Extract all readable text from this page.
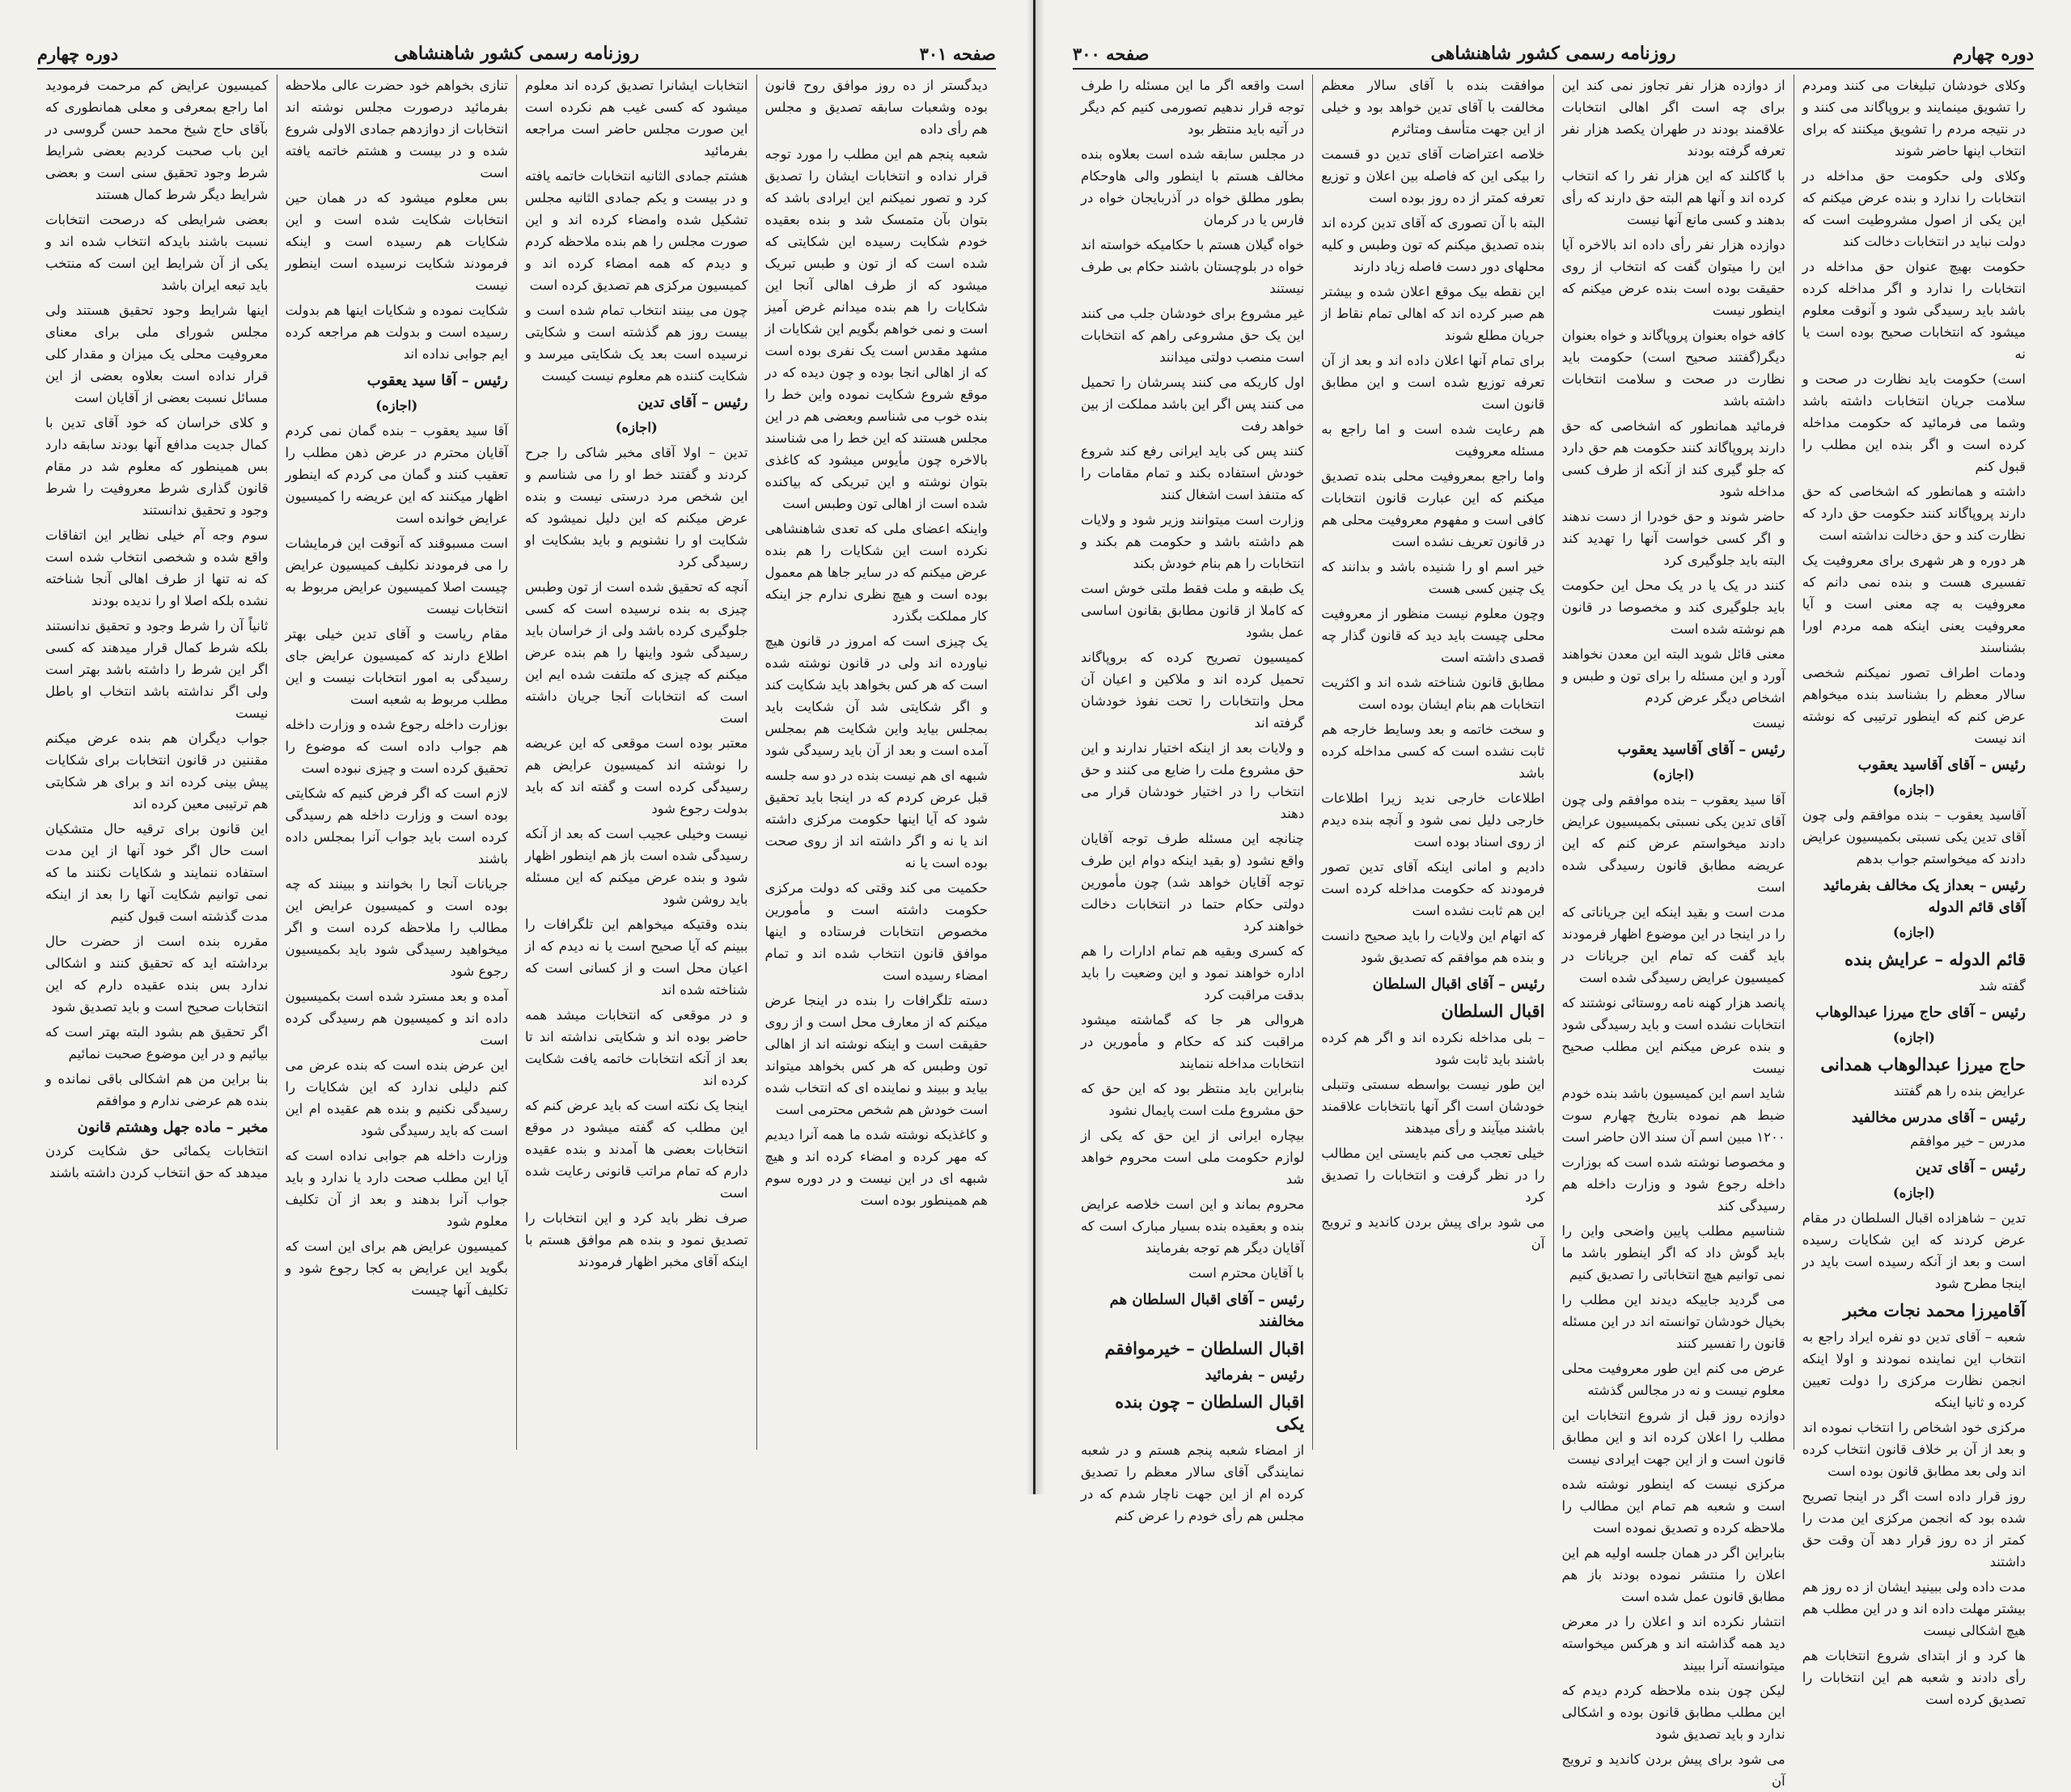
صفحه ۳۰۱
روزنامه رسمی کشور شاهنشاهی
دوره چهارم

دیدگستر از ده روز موافق روح قانون بوده وشعبات سابقه تصدیق و مجلس هم رأی داده

شعبه پنجم هم این مطلب را مورد توجه قرار نداده و انتخابات ایشان را تصدیق کرد و تصور نمیکنم این ایرادی باشد که بتوان بآن متمسک شد و بنده بعقیده خودم شکایت رسیده این شکایتی که شده است که از تون و طبس تبریک میشود که از طرف اهالی آنجا این شکایات را هم بنده میدانم غرض آمیز است و نمی خواهم بگویم این شکایات از مشهد مقدس است یک نفری بوده است که از اهالی انجا بوده و چون دیده که در موقع شروع شکایت نموده واین خط را بنده خوب می شناسم وبعضی هم در این مجلس هستند که این خط را می شناسند بالاخره چون مأیوس میشود که کاغذی بتوان نوشته و این تبریکی که بیاکنده شده است از اهالی تون وطبس است

واینکه اعضای ملی که تعدی شاهنشاهی نکرده است این شکایات را هم بنده عرض میکنم که در سایر جاها هم معمول بوده است و هیچ نظری ندارم جز اینکه کار مملکت بگذرد

یک چیزی است که امروز در قانون هیچ نیاورده اند ولی در قانون نوشته شده است که هر کس بخواهد باید شکایت کند و اگر شکایتی شد آن شکایت باید بمجلس بیاید واین شکایت هم بمجلس آمده است و بعد از آن باید رسیدگی شود

شبهه ای هم نیست بنده در دو سه جلسه قبل عرض کردم که در اینجا باید تحقیق شود که آیا اینها حکومت مرکزی داشته اند یا نه و اگر داشته اند از روی صحت بوده است یا نه

حکمیت می کند وقتی که دولت مرکزی حکومت داشته است و مأمورین مخصوص انتخابات فرستاده و اینها موافق قانون انتخاب شده اند و تمام امضاء رسیده است

دسته تلگرافات را بنده در اینجا عرض میکنم که از معارف محل است و از روی حقیقت است و اینکه نوشته اند از اهالی تون وطبس که هر کس بخواهد میتواند بیاید و ببیند و نماینده ای که انتخاب شده است خودش هم شخص محترمی است

و کاغذیکه نوشته شده ما همه آنرا دیدیم که مهر کرده و امضاء کرده اند و هیچ شبهه ای در این نیست و در دوره سوم هم همینطور بوده است

انتخابات ایشانرا تصدیق کرده اند معلوم میشود که کسی غیب هم نکرده است این صورت مجلس حاضر است مراجعه بفرمائید

هشتم جمادی الثانیه انتخابات خاتمه یافته و در بیست و یکم جمادی الثانیه مجلس تشکیل شده وامضاء کرده اند و این صورت مجلس را هم بنده ملاحظه کردم و دیدم که همه امضاء کرده اند و کمیسیون مرکزی هم تصدیق کرده است

چون می بینند انتخاب تمام شده است و بیست روز هم گذشته است و شکایتی نرسیده است بعد یک شکایتی میرسد و شکایت کننده هم معلوم نیست کیست

رئیس – آقای تدین

(اجازه)

تدین – اولا آقای مخبر شاکی را جرح کردند و گفتند خط او را می شناسم و این شخص مرد درستی نیست و بنده عرض میکنم که این دلیل نمیشود که شکایت او را نشنویم و باید بشکایت او رسیدگی کرد

آنچه که تحقیق شده است از تون وطبس چیزی به بنده نرسیده است که کسی جلوگیری کرده باشد ولی از خراسان باید رسیدگی شود واینها را هم بنده عرض میکنم که چیزی که ملتفت شده ایم این است که انتخابات آنجا جریان داشته است

معتبر بوده است موقعی که این عریضه را نوشته اند کمیسیون عرایض هم رسیدگی کرده است و گفته اند که باید بدولت رجوع شود

نیست وخیلی عجیب است که بعد از آنکه رسیدگی شده است باز هم اینطور اظهار شود و بنده عرض میکنم که این مسئله باید روشن شود

بنده وقتیکه میخواهم این تلگرافات را ببینم که آیا صحیح است یا نه دیدم که از اعیان محل است و از کسانی است که شناخته شده اند

و در موقعی که انتخابات میشد همه حاضر بوده اند و شکایتی نداشته اند تا بعد از آنکه انتخابات خاتمه یافت شکایت کرده اند

اینجا یک نکته است که باید عرض کنم که این مطلب که گفته میشود در موقع انتخابات بعضی ها آمدند و بنده عقیده دارم که تمام مراتب قانونی رعایت شده است

صرف نظر باید کرد و این انتخابات را تصدیق نمود و بنده هم موافق هستم با اینکه آقای مخبر اظهار فرمودند

تنازی بخواهم خود حضرت عالی ملاحظه بفرمائید درصورت مجلس نوشته اند انتخابات از دوازدهم جمادی الاولی شروع شده و در بیست و هشتم خاتمه یافته است

بس معلوم میشود که در همان حین انتخابات شکایت شده است و این شکایات هم رسیده است و اینکه فرمودند شکایت نرسیده است اینطور نیست

شکایت نموده و شکایات اینها هم بدولت رسیده است و بدولت هم مراجعه کرده ایم جوابی نداده اند

رئیس – آقا سید یعقوب

(اجازه)

آقا سید یعقوب – بنده گمان نمی کردم آقایان محترم در عرض ذهن مطلب را تعقیب کنند و گمان می کردم که اینطور اظهار میکنند که این عریضه را کمیسیون عرایض خوانده است

است مسبوقند که آنوقت این فرمایشات را می فرمودند نکلیف کمیسیون عرایض چیست اصلا کمیسیون عرایض مربوط به انتخابات نیست

مقام ریاست و آقای تدین خیلی بهتر اطلاع دارند که کمیسیون عرایض جای رسیدگی به امور انتخابات نیست و این مطلب مربوط به شعبه است

بوزارت داخله رجوع شده و وزارت داخله هم جواب داده است که موضوع را تحقیق کرده است و چیزی نبوده است

لازم است که اگر فرض کنیم که شکایتی بوده است و وزارت داخله هم رسیدگی کرده است باید جواب آنرا بمجلس داده باشند

جریانات آنجا را بخوانند و ببینند که چه بوده است و کمیسیون عرایض این مطالب را ملاحظه کرده است و اگر میخواهید رسیدگی شود باید بکمیسیون رجوع شود

آمده و بعد مسترد شده است بکمیسیون داده اند و کمیسیون هم رسیدگی کرده است

این عرض بنده است که بنده عرض می کنم دلیلی ندارد که این شکایات را رسیدگی نکنیم و بنده هم عقیده ام این است که باید رسیدگی شود

وزارت داخله هم جوابی نداده است که آیا این مطلب صحت دارد یا ندارد و باید جواب آنرا بدهند و بعد از آن تکلیف معلوم شود

کمیسیون عرایض هم برای این است که بگوید این عرایض به کجا رجوع شود و تکلیف آنها چیست

کمیسیون عرایض کم مرحمت فرمودید اما راجع بمعرفی و معلی همانطوری که بآقای حاج شیخ محمد حسن گروسی در این باب صحبت کردیم بعضی شرایط شرط وجود تحقیق سنی است و بعضی شرایط دیگر شرط کمال هستند

بعضی شرایطی که درصحت انتخابات نسبت باشند بایدکه انتخاب شده اند و یکی از آن شرایط این است که منتخب باید تبعه ایران باشد

اینها شرایط وجود تحقیق هستند ولی مجلس شورای ملی برای معنای معروفیت محلی یک میزان و مقدار کلی قرار نداده است بعلاوه بعضی از این مسائل نسبت بعضی از آقایان است

و کلای خراسان که خود آقای تدین با کمال جدیت مدافع آنها بودند سابقه دارد بس همینطور که معلوم شد در مقام قانون گذاری شرط معروفیت را شرط وجود و تحقیق ندانستند

سوم وجه آم خیلی نظایر این اتفاقات واقع شده و شخصی انتخاب شده است که نه تنها از طرف اهالی آنجا شناخته نشده بلکه اصلا او را ندیده بودند

ثانیاً آن را شرط وجود و تحقیق ندانستند بلکه شرط کمال قرار میدهند که کسی اگر این شرط را داشته باشد بهتر است ولی اگر نداشته باشد انتخاب او باطل نیست

جواب دیگران هم بنده عرض میکنم مقننین در قانون انتخابات برای شکایات پیش بینی کرده اند و برای هر شکایتی هم ترتیبی معین کرده اند

این قانون برای ترقیه حال متشکیان است حال اگر خود آنها از این مدت استفاده ننمایند و شکایات نکنند ما که نمی توانیم شکایت آنها را بعد از اینکه مدت گذشته است قبول کنیم

مقرره بنده است از حضرت حال برداشته اید که تحقیق کنند و اشکالی ندارد بس بنده عقیده دارم که این انتخابات صحیح است و باید تصدیق شود

اگر تحقیق هم بشود البته بهتر است که بیائیم و در این موضوع صحبت نمائیم

بنا براین من هم اشکالی باقی نمانده و بنده هم عرضی ندارم و موافقم

مخبر – ماده جهل وهشتم قانون

انتخابات یکمائی حق شکایت کردن میدهد که حق انتخاب کردن داشته باشند

دوره چهارم
روزنامه رسمی کشور شاهنشاهی
صفحه ۳۰۰

وکلای خودشان تبلیغات می کنند ومردم را تشویق مینمایند و بروپاگاند می کنند و در نتیجه مردم را تشویق میکنند که برای انتخاب اینها حاضر شوند

وکلای ولی حکومت حق مداخله در انتخابات را ندارد و بنده عرض میکنم که این یکی از اصول مشروطیت است که دولت نباید در انتخابات دخالت کند

حکومت بهیچ عنوان حق مداخله در انتخابات را ندارد و اگر مداخله کرده باشد باید رسیدگی شود و آنوقت معلوم میشود که انتخابات صحیح بوده است یا نه

است) حکومت باید نظارت در صحت و سلامت جریان انتخابات داشته باشد وشما می فرمائید که حکومت مداخله کرده است و اگر بنده این مطلب را قبول کنم

داشته و همانطور که اشخاصی که حق دارند پروپاگاند کنند حکومت حق دارد که نظارت کند و حق دخالت نداشته است

هر دوره و هر شهری برای معروفیت یک تفسیری هست و بنده نمی دانم که معروفیت به چه معنی است و آیا معروفیت یعنی اینکه همه مردم اورا بشناسند

ودمات اطراف تصور نمیکنم شخصی سالار معظم را بشناسد بنده میخواهم عرض کنم که اینطور ترتیبی که نوشته اند نیست

رئیس – آقای آقاسید یعقوب

(اجازه)

آقاسید یعقوب – بنده موافقم ولی چون آقای تدین یکی نسبتی بکمیسیون عرایض دادند که میخواستم جواب بدهم

رئیس – بعداز یک مخالف بفرمائید آقای قائم الدوله

(اجازه)

قائم الدوله – عرایش بنده

گفته شد

رئیس – آقای حاج میرزا عبدالوهاب

(اجازه)

حاج میرزا عبدالوهاب همدانی

عرایض بنده را هم گفتند

رئیس – آقای مدرس مخالفید

مدرس – خیر موافقم

رئیس – آقای تدین

(اجازه)

تدین – شاهزاده اقبال السلطان در مقام عرض کردند که این شکایات رسیده است و بعد از آنکه رسیده است باید در اینجا مطرح شود

آقامیرزا محمد نجات مخبر

شعبه – آقای تدین دو نفره ایراد راجع به انتخاب این نماینده نمودند و اولا اینکه انجمن نظارت مرکزی را دولت تعیین کرده و ثانیا اینکه

مرکزی خود اشخاص را انتخاب نموده اند و بعد از آن بر خلاف قانون انتخاب کرده اند ولی بعد مطابق قانون بوده است

روز قرار داده است اگر در اینجا تصریح شده بود که انجمن مرکزی این مدت را کمتر از ده روز قرار دهد آن وقت حق داشتند

مدت داده ولی ببینید ایشان از ده روز هم بیشتر مهلت داده اند و در این مطلب هم هیچ اشکالی نیست

ها کرد و از ابتدای شروع انتخابات هم رأی دادند و شعبه هم این انتخابات را تصدیق کرده است

از دوازده هزار نفر تجاوز نمی کند این برای چه است اگر اهالی انتخابات علاقمند بودند در طهران یکصد هزار نفر تعرفه گرفته بودند

با گاکلند که این هزار نفر را که انتخاب کرده اند و آنها هم البته حق دارند که رأی بدهند و کسی مانع آنها نیست

دوازده هزار نفر رأی داده اند بالاخره آیا این را میتوان گفت که انتخاب از روی حقیقت بوده است بنده عرض میکنم که اینطور نیست

کافه خواه بعنوان پروپاگاند و خواه بعنوان دیگر(گفتند صحیح است) حکومت باید نظارت در صحت و سلامت انتخابات داشته باشد

فرمائید همانطور که اشخاصی که حق دارند پروپاگاند کنند حکومت هم حق دارد که جلو گیری کند از آنکه از طرف کسی مداخله شود

حاضر شوند و حق خودرا از دست ندهند و اگر کسی خواست آنها را تهدید کند البته باید جلوگیری کرد

کنند در یک یا در یک محل این حکومت باید جلوگیری کند و مخصوصا در قانون هم نوشته شده است

معنی قائل شوید البته این معدن نخواهند آورد و این مسئله را برای تون و طبس و اشخاص دیگر عرض کردم

نیست

رئیس – آقای آقاسید یعقوب

(اجازه)

آقا سید یعقوب – بنده موافقم ولی چون آقای تدین یکی نسبتی بکمیسیون عرایض دادند میخواستم عرض کنم که این عریضه مطابق قانون رسیدگی شده است

مدت است و بقید اینکه این جریاناتی که را در اینجا در این موضوع اظهار فرمودند باید گفت که تمام این جریانات در کمیسیون عرایض رسیدگی شده است

پانصد هزار کهنه نامه روستائی نوشتند که انتخابات نشده است و باید رسیدگی شود و بنده عرض میکنم این مطلب صحیح نیست

شاید اسم این کمیسیون باشد بنده خودم ضبط هم نموده بتاریخ چهارم سوت ۱۲۰۰ مبین اسم آن سند الان حاضر است

و مخصوصا نوشته شده است که بوزارت داخله رجوع شود و وزارت داخله هم رسیدگی کند

شناسیم مطلب پایین واضحی واین را باید گوش داد که اگر اینطور باشد ما نمی توانیم هیچ انتخاباتی را تصدیق کنیم

می گردید جاییکه دیدند این مطلب را بخیال خودشان توانسته اند در این مسئله قانون را تفسیر کنند

عرض می کنم این طور معروفیت محلی معلوم نیست و نه در مجالس گذشته

دوازده روز قبل از شروع انتخابات این مطلب را اعلان کرده اند و این مطابق قانون است و از این جهت ایرادی نیست

مرکزی نیست که اینطور نوشته شده است و شعبه هم تمام این مطالب را ملاحظه کرده و تصدیق نموده است

بنابراین اگر در همان جلسه اولیه هم این اعلان را منتشر نموده بودند باز هم مطابق قانون عمل شده است

انتشار نکرده اند و اعلان را در معرض دید همه گذاشته اند و هرکس میخواسته میتوانسته آنرا ببیند

لیکن چون بنده ملاحظه کردم دیدم که این مطلب مطابق قانون بوده و اشکالی ندارد و باید تصدیق شود

می شود برای پیش بردن کاندید و ترویج آن

موافقت بنده با آقای سالار معظم مخالفت با آقای تدین خواهد بود و خیلی از این جهت متأسف ومتاثرم

خلاصه اعتراضات آقای تدین دو قسمت را بیکی این که فاصله بین اعلان و توزیع تعرفه کمتر از ده روز بوده است

البته با آن تصوری که آقای تدین کرده اند بنده تصدیق میکنم که تون وطبس و کلیه محلهای دور دست فاصله زیاد دارند

این نقطه بیک موقع اعلان شده و بیشتر هم صبر کرده اند که اهالی تمام نقاط از جریان مطلع شوند

برای تمام آنها اعلان داده اند و بعد از آن تعرفه توزیع شده است و این مطابق قانون است

هم رعایت شده است و اما راجع به مسئله معروفیت

واما راجع بمعروفیت محلی بنده تصدیق میکنم که این عبارت قانون انتخابات کافی است و مفهوم معروفیت محلی هم در قانون تعریف نشده است

خیر اسم او را شنیده باشد و بدانند که یک چنین کسی هست

وچون معلوم نیست منظور از معروفیت محلی چیست باید دید که قانون گذار چه قصدی داشته است

مطابق قانون شناخته شده اند و اکثریت انتخابات هم بنام ایشان بوده است

و سخت خاتمه و بعد وسایط خارجه هم ثابت نشده است که کسی مداخله کرده باشد

اطلاعات خارجی ندید زیرا اطلاعات خارجی دلیل نمی شود و آنچه بنده دیدم از روی اسناد بوده است

دادیم و امانی اینکه آقای تدین تصور فرمودند که حکومت مداخله کرده است این هم ثابت نشده است

که اتهام این ولایات را باید صحیح دانست و بنده هم موافقم که تصدیق شود

رئیس – آقای اقبال السلطان

اقبال السلطان

– بلی مداخله نکرده اند و اگر هم کرده باشند باید ثابت شود

این طور نیست بواسطه سستی وتنبلی خودشان است اگر آنها بانتخابات علاقمند باشند میآیند و رأی میدهند

خیلی تعجب می کنم بایستی این مطالب را در نظر گرفت و انتخابات را تصدیق کرد

می شود برای پیش بردن کاندید و ترویج آن

است واقعه اگر ما این مسئله را طرف توجه قرار ندهیم تصورمی کنیم کم دیگر در آتیه باید منتظر بود

در مجلس سابقه شده است بعلاوه بنده مخالف هستم با اینطور والی هاوحکام بطور مطلق خواه در آذربایجان خواه در فارس یا در کرمان

خواه گیلان هستم با حکامیکه خواسته اند خواه در بلوچستان باشند حکام بی طرف نیستند

غیر مشروع برای خودشان جلب می کنند این یک حق مشروعی راهم که انتخابات است منصب دولتی میدانند

اول کاریکه می کنند پسرشان را تحمیل می کنند پس اگر این باشد مملکت از بین خواهد رفت

کنند پس کی باید ایرانی رفع کند شروع خودش استفاده بکند و تمام مقامات را که متنفذ است اشغال کنند

وزارت است میتوانند وزیر شود و ولایات هم داشته باشد و حکومت هم بکند و انتخابات را هم بنام خودش بکند

یک طبقه و ملت فقط ملتی خوش است که کاملا از قانون مطابق بقانون اساسی عمل بشود

کمیسیون تصریح کرده که بروپاگاند تحمیل کرده اند و ملاکین و اعیان آن محل وانتخابات را تحت نفوذ خودشان گرفته اند

و ولایات بعد از اینکه اختیار ندارند و این حق مشروع ملت را ضایع می کنند و حق انتخاب را در اختیار خودشان قرار می دهند

چنانچه این مسئله طرف توجه آقایان واقع نشود (و بقید اینکه دوام این طرف توجه آقایان خواهد شد) چون مأمورین دولتی حکام حتما در انتخابات دخالت خواهند کرد

که کسری وبقیه هم تمام ادارات را هم اداره خواهند نمود و این وضعیت را باید بدقت مراقبت کرد

هروالی هر جا که گماشته میشود مراقبت کند که حکام و مأمورین در انتخابات مداخله ننمایند

بنابراین باید منتظر بود که این حق که حق مشروع ملت است پایمال نشود

بیچاره ایرانی از این حق که یکی از لوازم حکومت ملی است محروم خواهد شد

محروم بماند و این است خلاصه عرایض بنده و بعقیده بنده بسیار مبارک است که آقایان دیگر هم توجه بفرمایند

با آقایان محترم است

رئیس – آقای اقبال السلطان هم مخالفند

اقبال السلطان – خیرموافقم

رئیس – بفرمائید

اقبال السلطان – چون بنده یکی

از امضاء شعبه پنجم هستم و در شعبه نمایندگی آقای سالار معظم را تصدیق کرده ام از این جهت ناچار شدم که در مجلس هم رأی خودم را عرض کنم
